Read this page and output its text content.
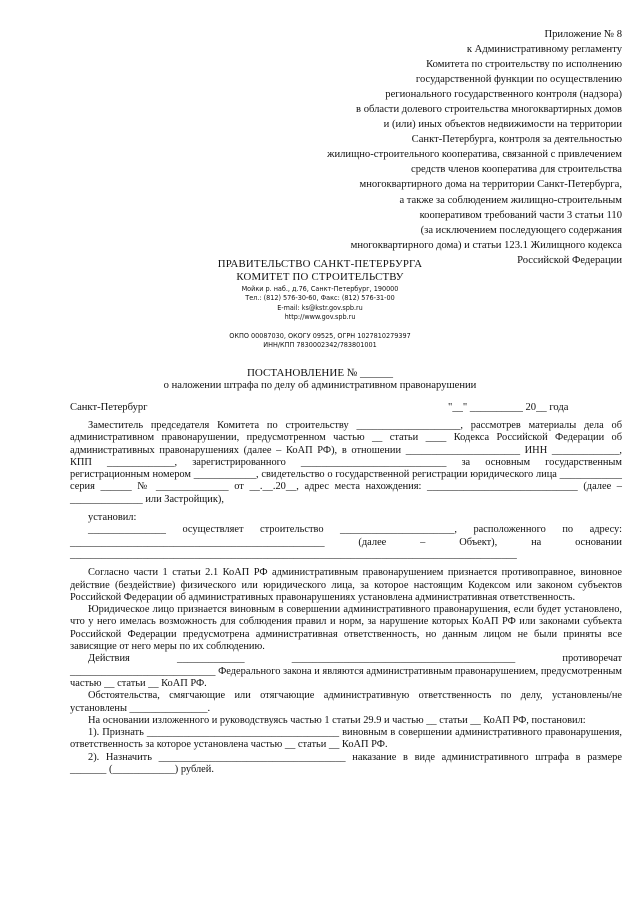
Приложение № 8
к Административному регламенту
Комитета по строительству по исполнению
государственной функции по осуществлению
регионального государственного контроля (надзора)
в области долевого строительства многоквартирных домов
и (или) иных объектов недвижимости на территории
Санкт-Петербурга, контроля за деятельностью
жилищно-строительного кооператива, связанной с привлечением
средств членов кооператива для строительства
многоквартирного дома на территории Санкт-Петербурга,
а также за соблюдением жилищно-строительным
кооперативом требований части 3 статьи 110
(за исключением последующего содержания
многоквартирного дома) и статьи 123.1 Жилищного кодекса
Российской Федерации
ПРАВИТЕЛЬСТВО САНКТ-ПЕТЕРБУРГА
КОМИТЕТ ПО СТРОИТЕЛЬСТВУ
Мойки р. наб., д.76, Санкт-Петербург, 190000
Тел.: (812) 576-30-60, Факс: (812) 576-31-00
E-mail: ks@kstr.gov.spb.ru
http://www.gov.spb.ru
ОКПО 00087030, ОКОГУ 09525, ОГРН 1027810279397
ИНН/КПП 7830002342/783801001
ПОСТАНОВЛЕНИЕ № ______
о наложении штрафа по делу об административном правонарушении
Санкт-Петербург	"__" __________ 20__ года

Заместитель председателя Комитета по строительству ____________________, рассмотрев материалы дела об административном правонарушении, предусмотренном частью __ статьи ____ Кодекса Российской Федерации об административных правонарушениях (далее – КоАП РФ), в отношении ______________________ ИНН _____________, КПП _____________, зарегистрированного ____________________________ за основным государственным регистрационным номером ____________, свидетельство о государственной регистрации юридического лица ____________ серия ______ № ______________ от __.__.20__, адрес места нахождения: _____________________________ (далее – ______________ или Застройщик),

установил:

_______________ осуществляет строительство ______________________, расположенного по адресу: _________________________________________________ (далее – Объект), на основании ______________________________________________________________________________________

Согласно части 1 статьи 2.1 КоАП РФ административным правонарушением признается противоправное, виновное действие (бездействие) физического или юридического лица, за которое настоящим Кодексом или законом субъектов Российской Федерации об административных правонарушениях установлена административная ответственность.

Юридическое лицо признается виновным в совершении административного правонарушения, если будет установлено, что у него имелась возможность для соблюдения правил и норм, за нарушение которых КоАП РФ или законами субъекта Российской Федерации предусмотрена административная ответственность, но данным лицом не были приняты все зависящие от него меры по их соблюдению.

Действия _____________ ___________________________________________ противоречат ____________________________ Федерального закона и являются административным правонарушением, предусмотренным частью __ статьи __ КоАП РФ.

Обстоятельства, смягчающие или отягчающие административную ответственность по делу, установлены/не установлены _______________.

На основании изложенного и руководствуясь частью 1 статьи 29.9 и частью __ статьи __ КоАП РФ, постановил:

1). Признать _____________________________________ виновным в совершении административного правонарушения, ответственность за которое установлена частью __ статьи __ КоАП РФ.

2). Назначить ____________________________________ наказание в виде административного штрафа в размере _______ (____________) рублей.
